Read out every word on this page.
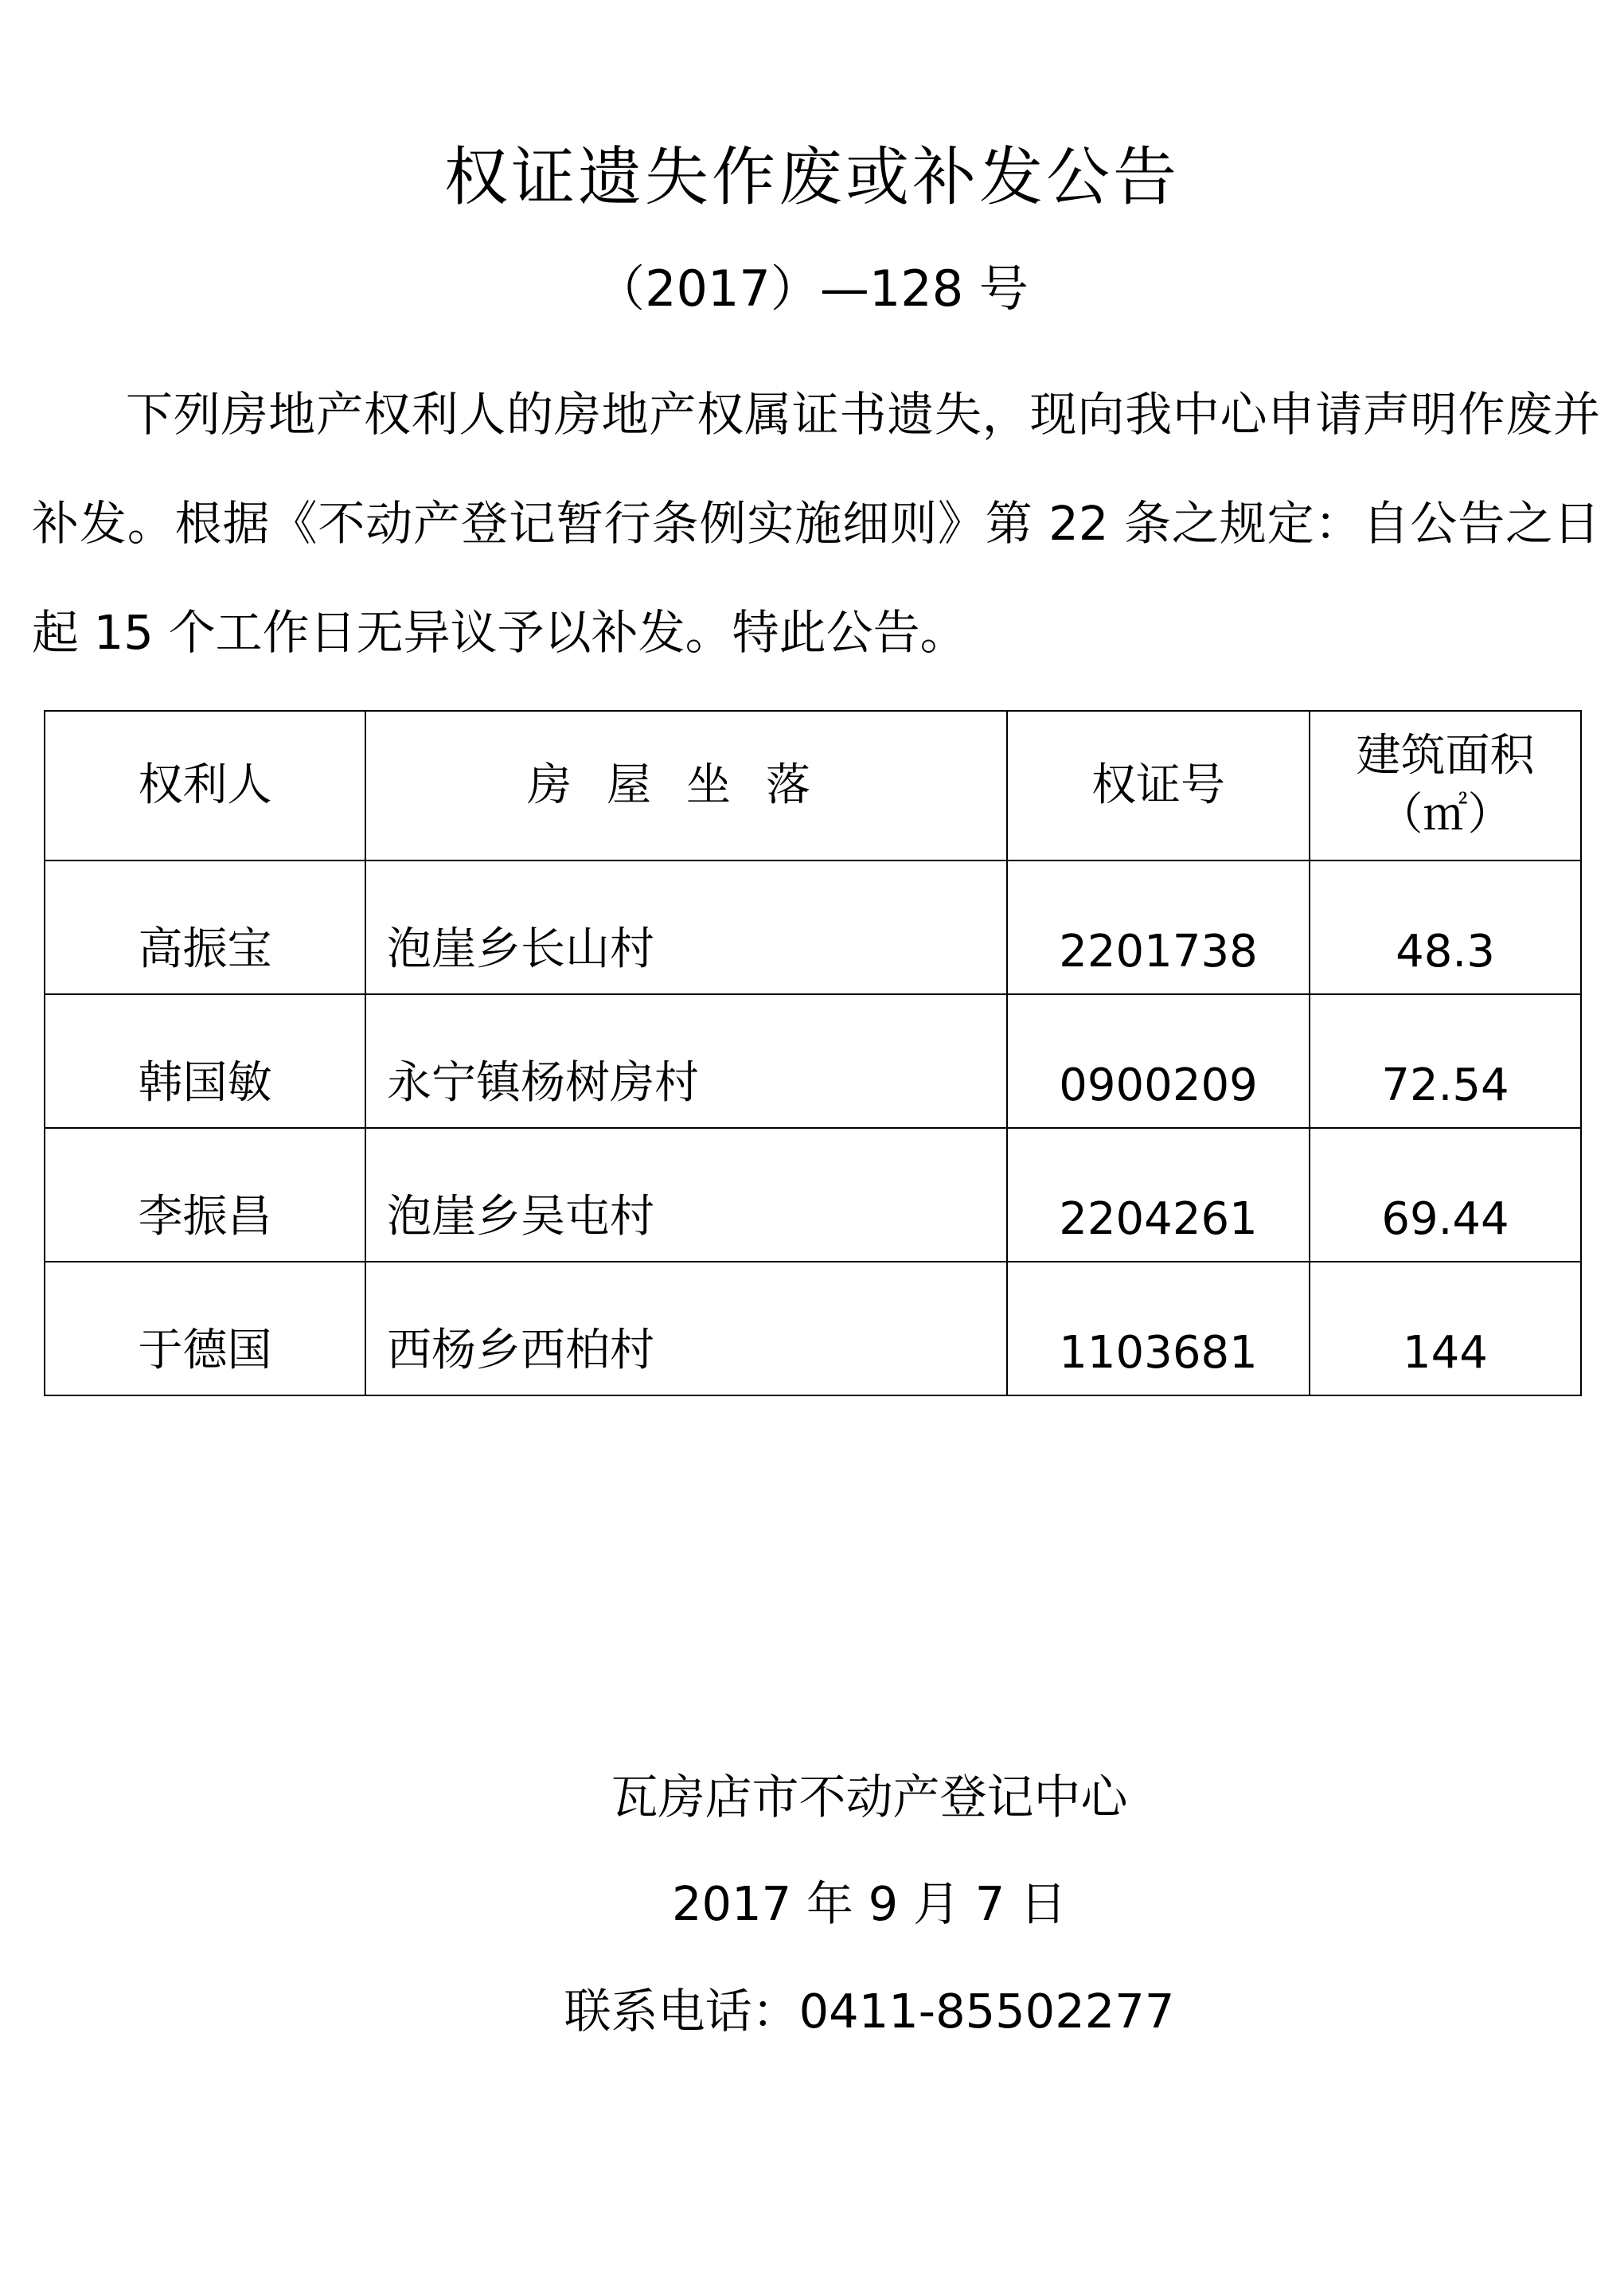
权证遗失作废或补发公告
（2017）—128 号
下列房地产权利人的房地产权属证书遗失，现向我中心申请声明作废并补发。根据《不动产登记暂行条例实施细则》第 22 条之规定：自公告之日起 15 个工作日无异议予以补发。特此公告。
权利人	房屋坐落	权证号	建筑面积
（㎡）

高振宝	泡崖乡长山村	2201738	48.3
韩国敏	永宁镇杨树房村	0900209	72.54
李振昌	泡崖乡吴屯村	2204261	69.44
于德国	西杨乡西柏村	1103681	144
瓦房店市不动产登记中心
2017 年 9 月 7 日
联系电话：0411-85502277
